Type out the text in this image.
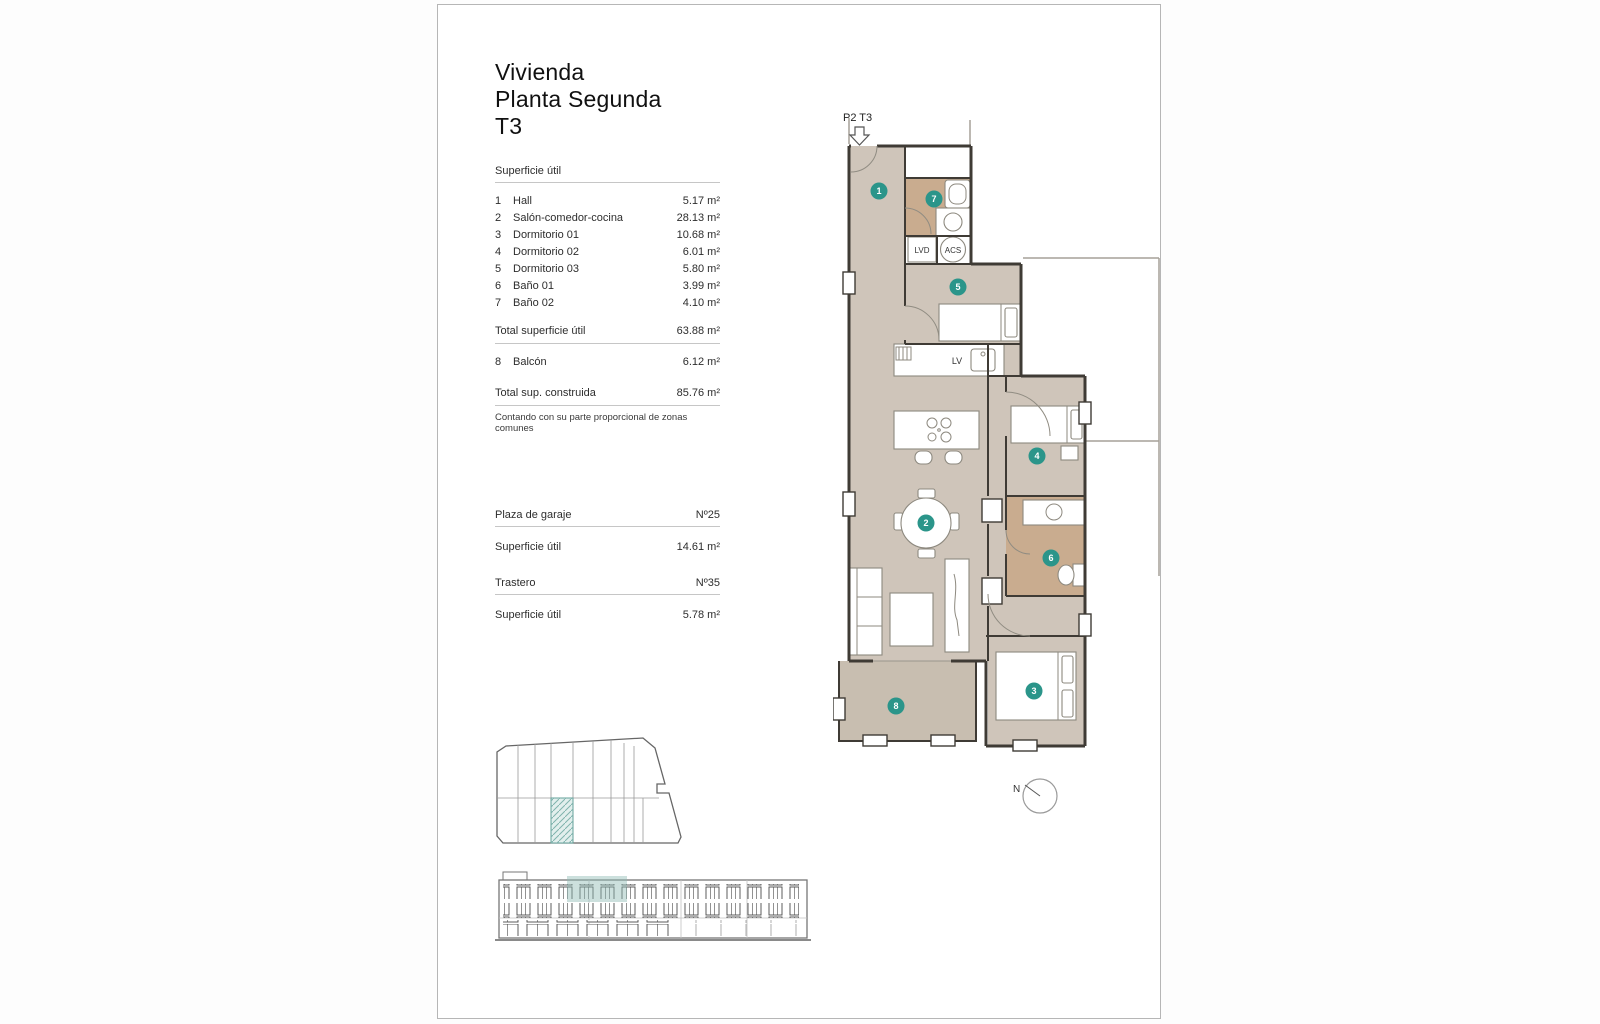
Vivienda
Planta Segunda
T3
Superficie útil
1	Hall	5.17 m²
2	Salón-comedor-cocina	28.13 m²
3	Dormitorio 01	10.68 m²
4	Dormitorio 02	6.01 m²
5	Dormitorio 03	5.80 m²
6	Baño 01	3.99 m²
7	Baño 02	4.10 m²
Total superficie útil	63.88 m²
8	Balcón	6.12 m²
Total sup. construida	85.76 m²
Contando con su parte proporcional de zonas comunes
Plaza de garaje	Nº25
Superficie útil	14.61 m²
Trastero	Nº35
Superficie útil	5.78 m²
P2 T3
LVD ACS
LV
1
7
5
2
4
6
3
8
N
